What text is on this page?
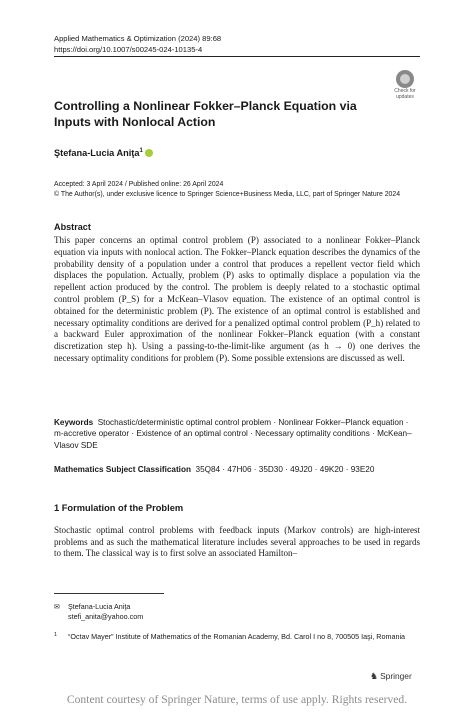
Applied Mathematics & Optimization (2024) 89:68
https://doi.org/10.1007/s00245-024-10135-4
Check for
updates
Controlling a Nonlinear Fokker–Planck Equation via Inputs with Nonlocal Action
Ştefana-Lucia Aniţa$^1$
Accepted: 3 April 2024 / Published online: 26 April 2024
© The Author(s), under exclusive licence to Springer Science+Business Media, LLC, part of Springer Nature 2024
Abstract
This paper concerns an optimal control problem (P) associated to a nonlinear Fokker–Planck equation via inputs with nonlocal action. The Fokker–Planck equation describes the dynamics of the probability density of a population under a control that produces a repellent vector field which displaces the population. Actually, problem (P) asks to optimally displace a population via the repellent action produced by the control. The problem is deeply related to a stochastic optimal control problem (P_S) for a McKean–Vlasov equation. The existence of an optimal control is obtained for the deterministic problem (P). The existence of an optimal control is established and necessary optimality conditions are derived for a penalized optimal control problem (P_h) related to a backward Euler approximation of the nonlinear Fokker–Planck equation (with a constant discretization step h). Using a passing-to-the-limit-like argument (as h → 0) one derives the necessary optimality conditions for problem (P). Some possible extensions are discussed as well.
Keywords Stochastic/deterministic optimal control problem · Nonlinear Fokker–Planck equation · m-accretive operator · Existence of an optimal control · Necessary optimality conditions · McKean–Vlasov SDE
Mathematics Subject Classification 35Q84 · 47H06 · 35D30 · 49J20 · 49K20 · 93E20
1 Formulation of the Problem
Stochastic optimal control problems with feedback inputs (Markov controls) are high-interest problems and as such the mathematical literature includes several approaches to be used in regards to them. The classical way is to first solve an associated Hamilton–
✉ Ştefana-Lucia Aniţa
stefi_anita@yahoo.com
1 “Octav Mayer” Institute of Mathematics of the Romanian Academy, Bd. Carol I no 8, 700505 Iaşi, Romania
♞ Springer
Content courtesy of Springer Nature, terms of use apply. Rights reserved.
